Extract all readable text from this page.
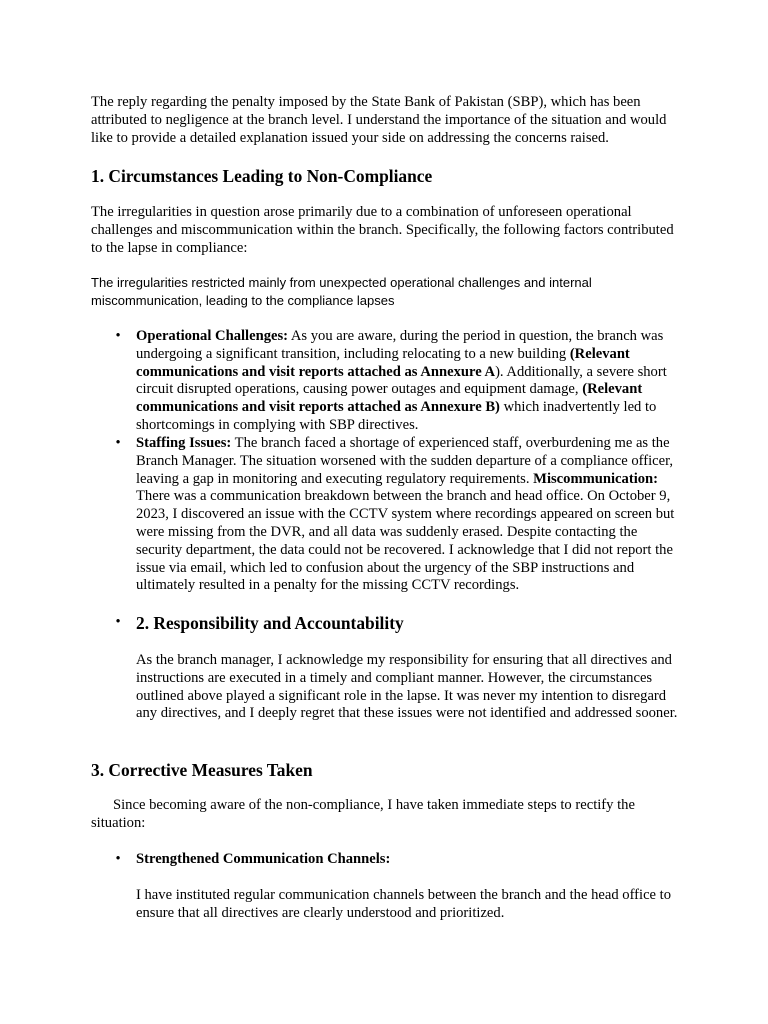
The reply regarding the penalty imposed by the State Bank of Pakistan (SBP), which has been attributed to negligence at the branch level. I understand the importance of the situation and would like to provide a detailed explanation issued your side on addressing the concerns raised.

1. Circumstances Leading to Non-Compliance

The irregularities in question arose primarily due to a combination of unforeseen operational challenges and miscommunication within the branch. Specifically, the following factors contributed to the lapse in compliance:

The irregularities restricted mainly from unexpected operational challenges and internal miscommunication, leading to the compliance lapses

• Operational Challenges: As you are aware, during the period in question, the branch was undergoing a significant transition, including relocating to a new building (Relevant communications and visit reports attached as Annexure A). Additionally, a severe short circuit disrupted operations, causing power outages and equipment damage, (Relevant communications and visit reports attached as Annexure B) which inadvertently led to shortcomings in complying with SBP directives.
• Staffing Issues: The branch faced a shortage of experienced staff, overburdening me as the Branch Manager. The situation worsened with the sudden departure of a compliance officer, leaving a gap in monitoring and executing regulatory requirements. Miscommunication: There was a communication breakdown between the branch and head office. On October 9, 2023, I discovered an issue with the CCTV system where recordings appeared on screen but were missing from the DVR, and all data was suddenly erased. Despite contacting the security department, the data could not be recovered. I acknowledge that I did not report the issue via email, which led to confusion about the urgency of the SBP instructions and ultimately resulted in a penalty for the missing CCTV recordings.
• 2. Responsibility and Accountability

As the branch manager, I acknowledge my responsibility for ensuring that all directives and instructions are executed in a timely and compliant manner. However, the circumstances outlined above played a significant role in the lapse. It was never my intention to disregard any directives, and I deeply regret that these issues were not identified and addressed sooner.

3. Corrective Measures Taken

Since becoming aware of the non-compliance, I have taken immediate steps to rectify the situation:

• Strengthened Communication Channels:

I have instituted regular communication channels between the branch and the head office to ensure that all directives are clearly understood and prioritized.
